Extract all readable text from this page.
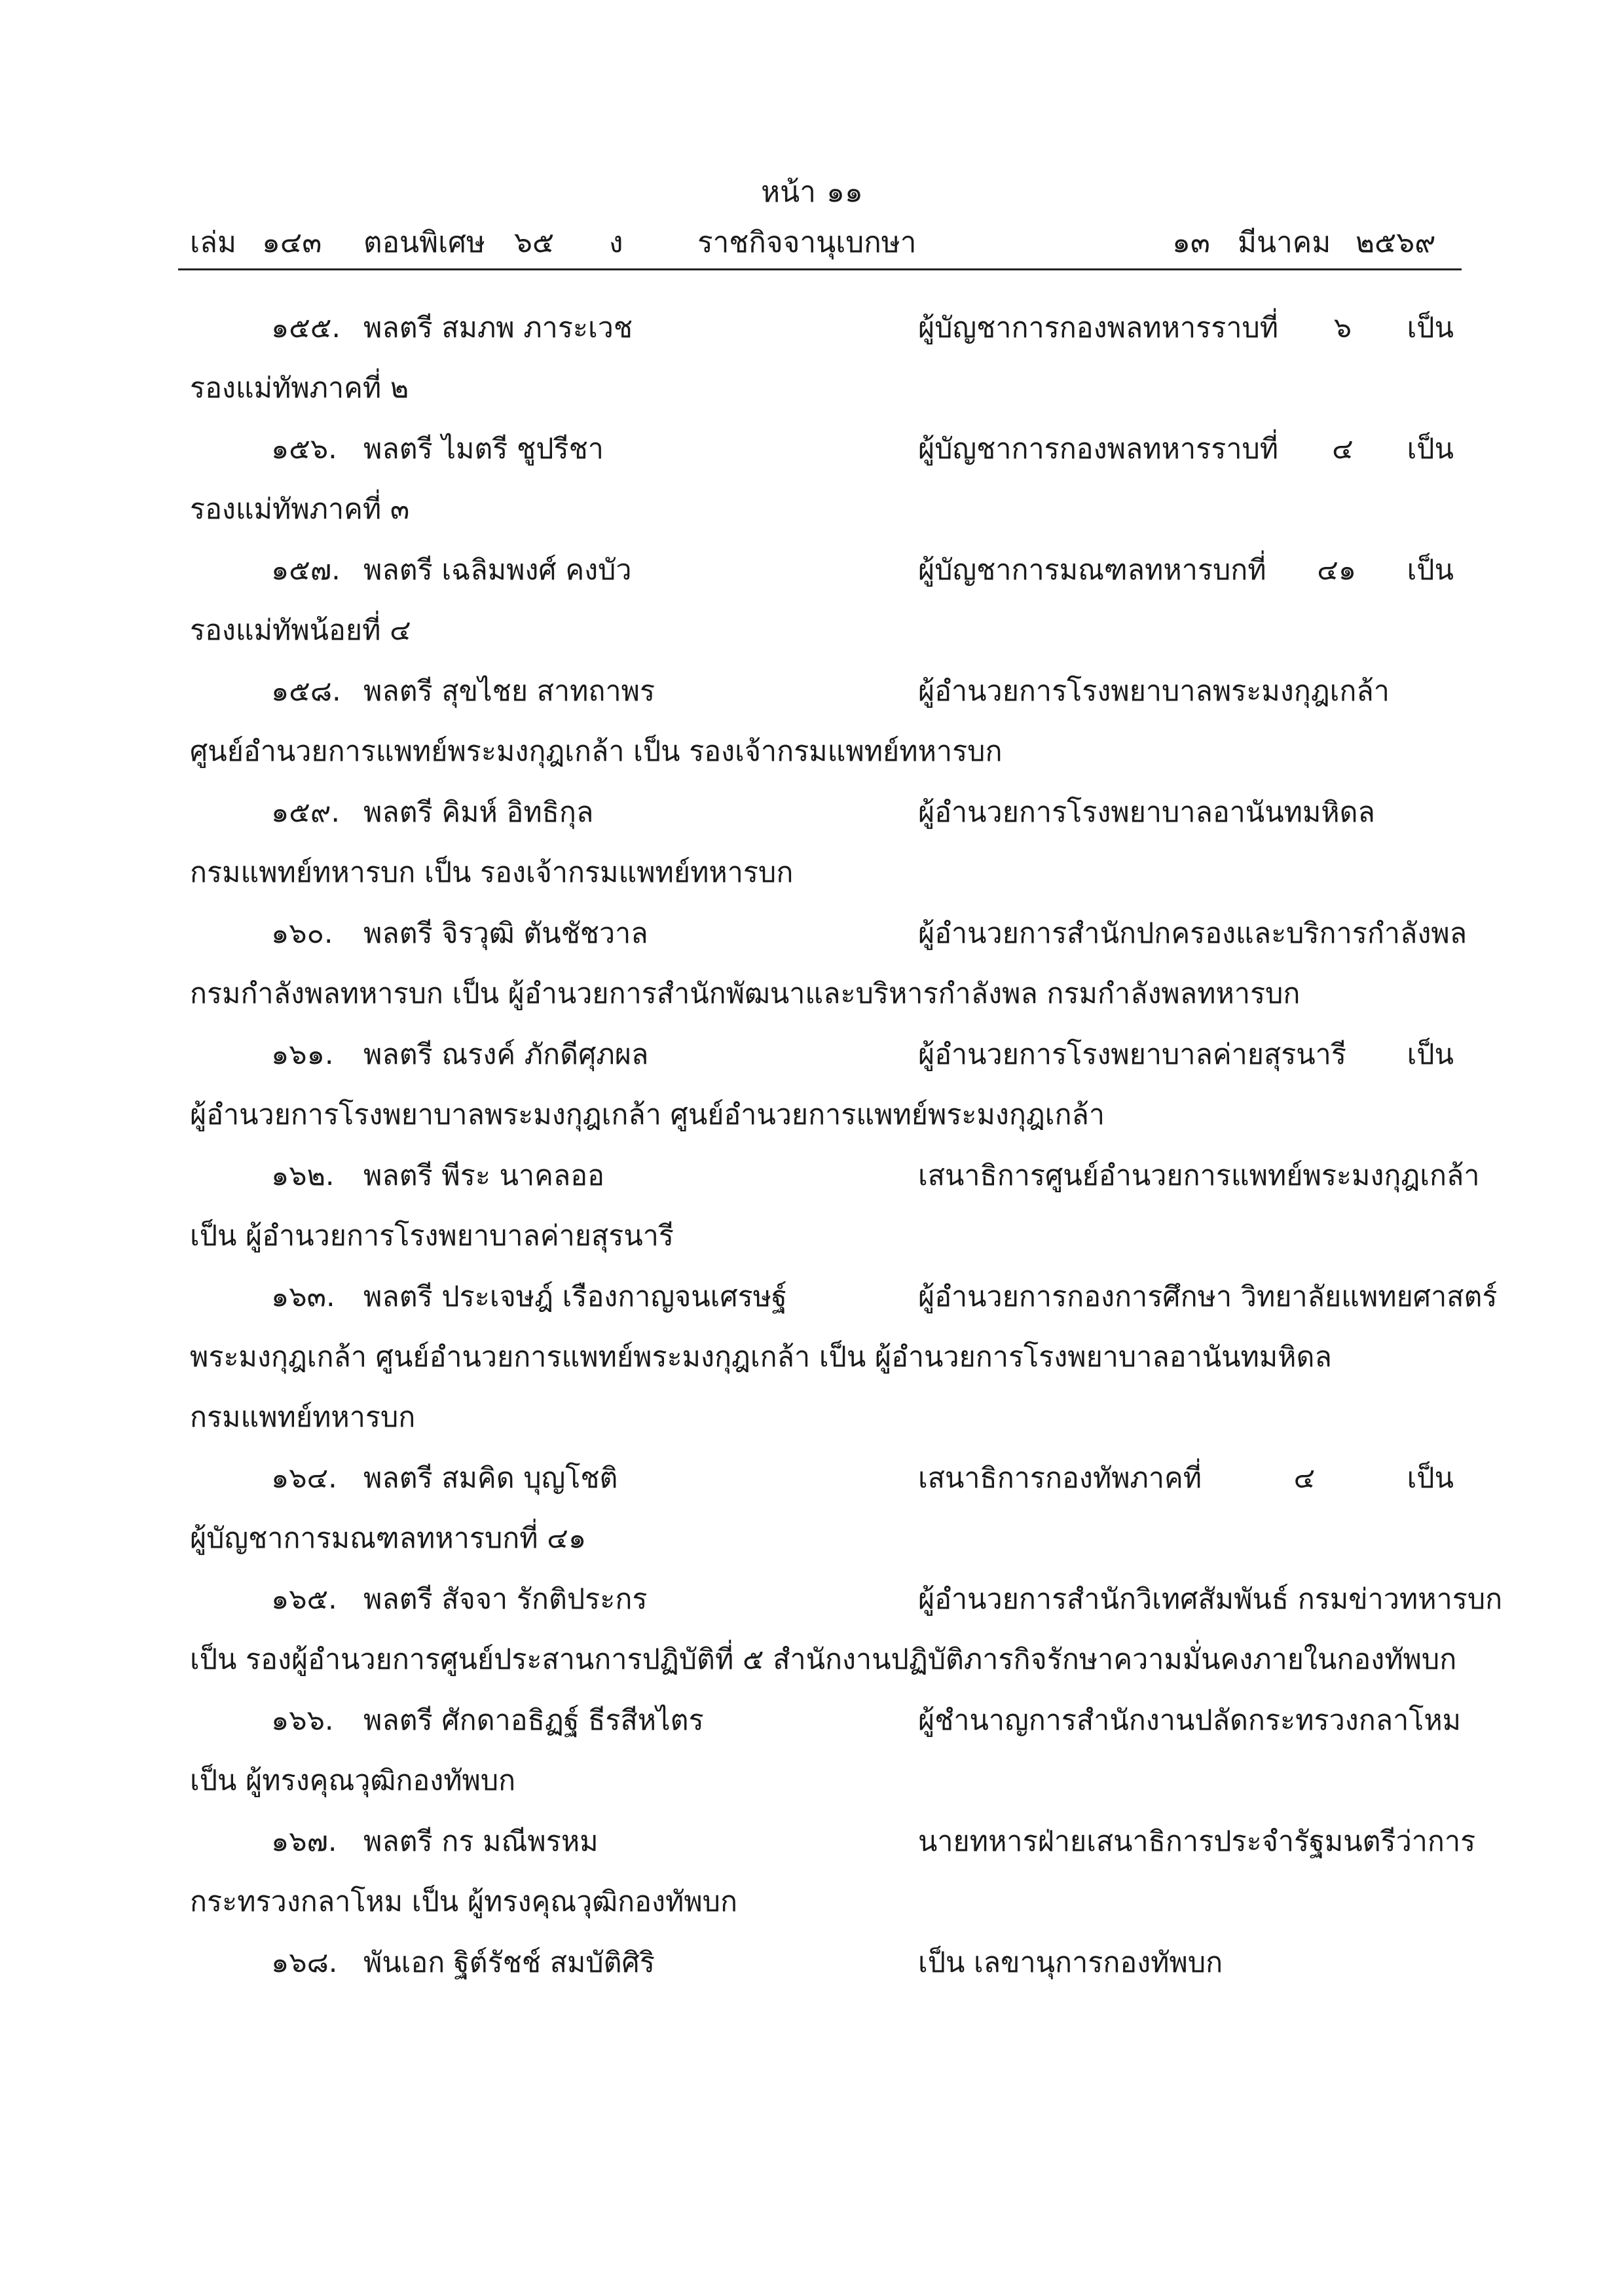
หน้า ๑๑
เล่ม ๑๔๓ ตอนพิเศษ ๖๕ ง	ราชกิจจานุเบกษา	๑๓ มีนาคม ๒๕๖๙
๑๕๕. พลตรี สมภพ ภาระเวช	ผู้บัญชาการกองพลทหารราบที่ ๖ เป็น
รองแม่ทัพภาคที่ ๒
๑๕๖. พลตรี ไมตรี ชูปรีชา	ผู้บัญชาการกองพลทหารราบที่ ๔ เป็น
รองแม่ทัพภาคที่ ๓
๑๕๗. พลตรี เฉลิมพงศ์ คงบัว	ผู้บัญชาการมณฑลทหารบกที่ ๔๑ เป็น
รองแม่ทัพน้อยที่ ๔
๑๕๘. พลตรี สุขไชย สาทถาพร	ผู้อำนวยการโรงพยาบาลพระมงกุฎเกล้า
ศูนย์อำนวยการแพทย์พระมงกุฎเกล้า เป็น รองเจ้ากรมแพทย์ทหารบก
๑๕๙. พลตรี คิมห์ อิทธิกุล	ผู้อำนวยการโรงพยาบาลอานันทมหิดล
กรมแพทย์ทหารบก เป็น รองเจ้ากรมแพทย์ทหารบก
๑๖๐. พลตรี จิรวุฒิ ตันชัชวาล	ผู้อำนวยการสำนักปกครองและบริการกำลังพล
กรมกำลังพลทหารบก เป็น ผู้อำนวยการสำนักพัฒนาและบริหารกำลังพล กรมกำลังพลทหารบก
๑๖๑. พลตรี ณรงค์ ภักดีศุภผล	ผู้อำนวยการโรงพยาบาลค่ายสุรนารี เป็น
ผู้อำนวยการโรงพยาบาลพระมงกุฎเกล้า ศูนย์อำนวยการแพทย์พระมงกุฎเกล้า
๑๖๒. พลตรี พีระ นาคลออ	เสนาธิการศูนย์อำนวยการแพทย์พระมงกุฎเกล้า
เป็น ผู้อำนวยการโรงพยาบาลค่ายสุรนารี
๑๖๓. พลตรี ประเจษฎ์ เรืองกาญจนเศรษฐ์	ผู้อำนวยการกองการศึกษา วิทยาลัยแพทยศาสตร์
พระมงกุฎเกล้า ศูนย์อำนวยการแพทย์พระมงกุฎเกล้า เป็น ผู้อำนวยการโรงพยาบาลอานันทมหิดล
กรมแพทย์ทหารบก
๑๖๔. พลตรี สมคิด บุญโชติ	เสนาธิการกองทัพภาคที่ ๔ เป็น
ผู้บัญชาการมณฑลทหารบกที่ ๔๑
๑๖๕. พลตรี สัจจา รักติประกร	ผู้อำนวยการสำนักวิเทศสัมพันธ์ กรมข่าวทหารบก
เป็น รองผู้อำนวยการศูนย์ประสานการปฏิบัติที่ ๕ สำนักงานปฏิบัติภารกิจรักษาความมั่นคงภายในกองทัพบก
๑๖๖. พลตรี ศักดาอธิฏฐ์ ธีรสีหไตร	ผู้ชำนาญการสำนักงานปลัดกระทรวงกลาโหม
เป็น ผู้ทรงคุณวุฒิกองทัพบก
๑๖๗. พลตรี กร มณีพรหม	นายทหารฝ่ายเสนาธิการประจำรัฐมนตรีว่าการ
กระทรวงกลาโหม เป็น ผู้ทรงคุณวุฒิกองทัพบก
๑๖๘. พันเอก ฐิต์รัชช์ สมบัติศิริ	เป็น เลขานุการกองทัพบก
